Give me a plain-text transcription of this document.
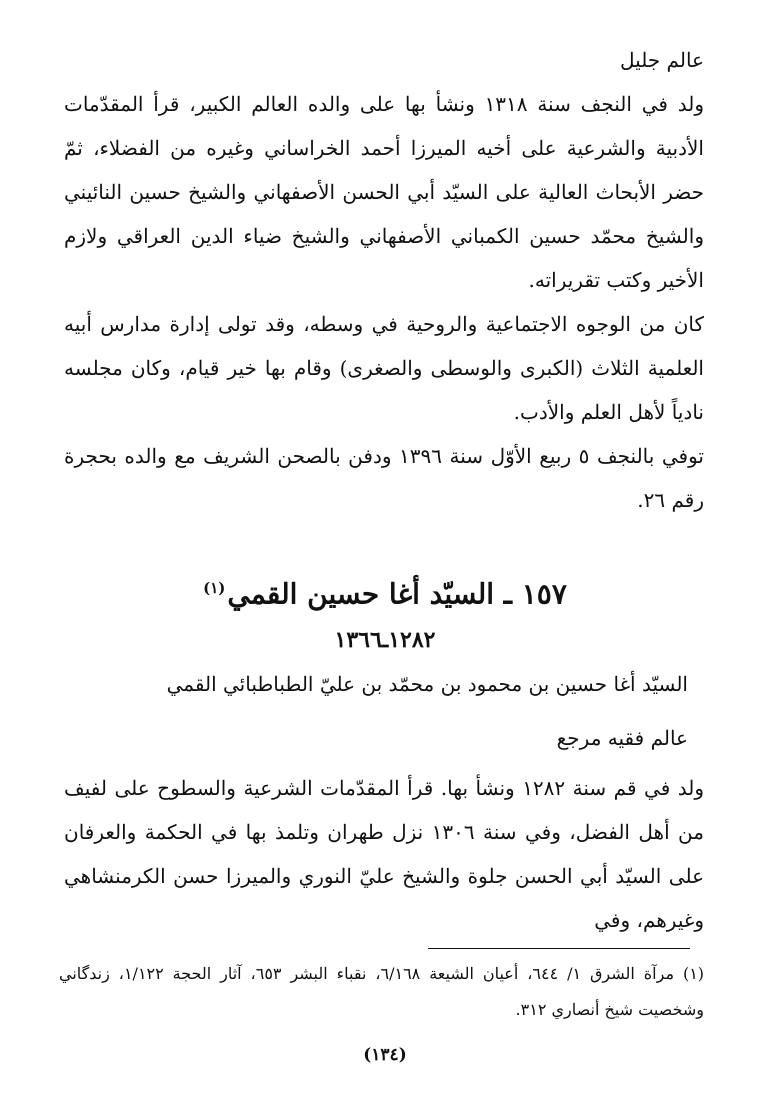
عالم جليل

ولد في النجف سنة ١٣١٨ ونشأ بها على والده العالم الكبير، قرأ المقدّمات الأدبية والشرعية على أخيه الميرزا أحمد الخراساني وغيره من الفضلاء، ثمّ حضر الأبحاث العالية على السيّد أبي الحسن الأصفهاني والشيخ حسين النائيني والشيخ محمّد حسين الكمباني الأصفهاني والشيخ ضياء الدين العراقي ولازم الأخير وكتب تقريراته.

كان من الوجوه الاجتماعية والروحية في وسطه، وقد تولى إدارة مدارس أبيه العلمية الثلاث (الكبرى والوسطى والصغرى) وقام بها خير قيام، وكان مجلسه نادياً لأهل العلم والأدب.

توفي بالنجف ٥ ربيع الأوّل سنة ١٣٩٦ ودفن بالصحن الشريف مع والده بحجرة رقم ٢٦.

١٥٧ ـ السيّد أغا حسين القمي$^{(١)}$

١٢٨٢ـ١٣٦٦

السيّد أغا حسين بن محمود بن محمّد بن عليّ الطباطبائي القمي

عالم فقيه مرجع

ولد في قم سنة ١٢٨٢ ونشأ بها. قرأ المقدّمات الشرعية والسطوح على لفيف من أهل الفضل، وفي سنة ١٣٠٦ نزل طهران وتلمذ بها في الحكمة والعرفان على السيّد أبي الحسن جلوة والشيخ عليّ النوري والميرزا حسن الكرمنشاهي وغيرهم، وفي

(١) مرآة الشرق ١/ ٦٤٤، أعيان الشيعة ٦/١٦٨، نقباء البشر ٦٥٣، آثار الحجة ١/١٢٢، زندگاني وشخصيت شيخ أنصاري ٣١٢.

(١٣٤)
